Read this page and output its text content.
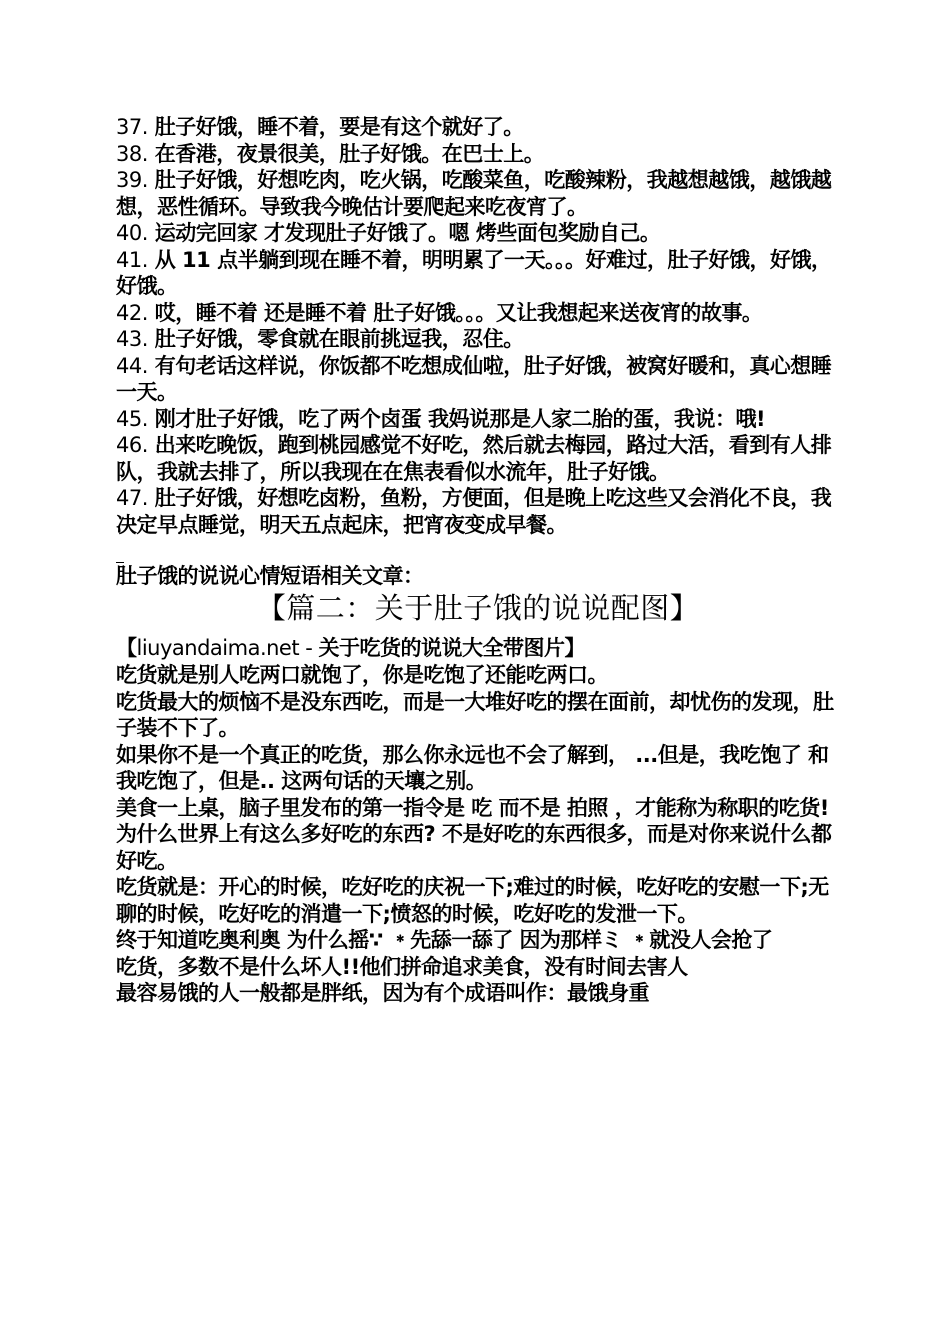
37. 肚子好饿，睡不着，要是有这个就好了。

38. 在香港，夜景很美，肚子好饿。在巴士上。

39. 肚子好饿，好想吃肉，吃火锅，吃酸菜鱼，吃酸辣粉，我越想越饿，越饿越想，恶性循环。导致我今晚估计要爬起来吃夜宵了。

40. 运动完回家 才发现肚子好饿了。嗯 烤些面包奖励自己。

41. 从 11 点半躺到现在睡不着，明明累了一天。。。好难过，肚子好饿，好饿，好饿。

42. 哎，睡不着 还是睡不着 肚子好饿。。。又让我想起来送夜宵的故事。

43. 肚子好饿，零食就在眼前挑逗我，忍住。

44. 有句老话这样说，你饭都不吃想成仙啦，肚子好饿，被窝好暖和，真心想睡一天。

45. 刚才肚子好饿，吃了两个卤蛋 我妈说那是人家二胎的蛋，我说：哦!

46. 出来吃晚饭，跑到桃园感觉不好吃，然后就去梅园，路过大活，看到有人排队，我就去排了，所以我现在在焦表看似水流年，肚子好饿。

47. 肚子好饿，好想吃卤粉，鱼粉，方便面，但是晚上吃这些又会消化不良，我决定早点睡觉，明天五点起床，把宵夜变成早餐。

肚子饿的说说心情短语相关文章：

【篇二：关于肚子饿的说说配图】

【liuyandaima.net - 关于吃货的说说大全带图片】

吃货就是别人吃两口就饱了，你是吃饱了还能吃两口。

吃货最大的烦恼不是没东西吃，而是一大堆好吃的摆在面前，却忧伤的发现，肚子装不下了。

如果你不是一个真正的吃货，那么你永远也不会了解到， ...但是，我吃饱了 和 我吃饱了，但是.. 这两句话的天壤之别。

美食一上桌，脑子里发布的第一指令是 吃 而不是 拍照 ，才能称为称职的吃货!

为什么世界上有这么多好吃的东西? 不是好吃的东西很多，而是对你来说什么都好吃。

吃货就是：开心的时候，吃好吃的庆祝一下;难过的时候，吃好吃的安慰一下;无聊的时候，吃好吃的消遣一下;愤怒的时候，吃好吃的发泄一下。

终于知道吃奥利奥 为什么摇∵ ﹡先舔一舔了 因为那样ミ ﹡就没人会抢了

吃货，多数不是什么坏人!!他们拼命追求美食，没有时间去害人

最容易饿的人一般都是胖纸，因为有个成语叫作：最饿身重
